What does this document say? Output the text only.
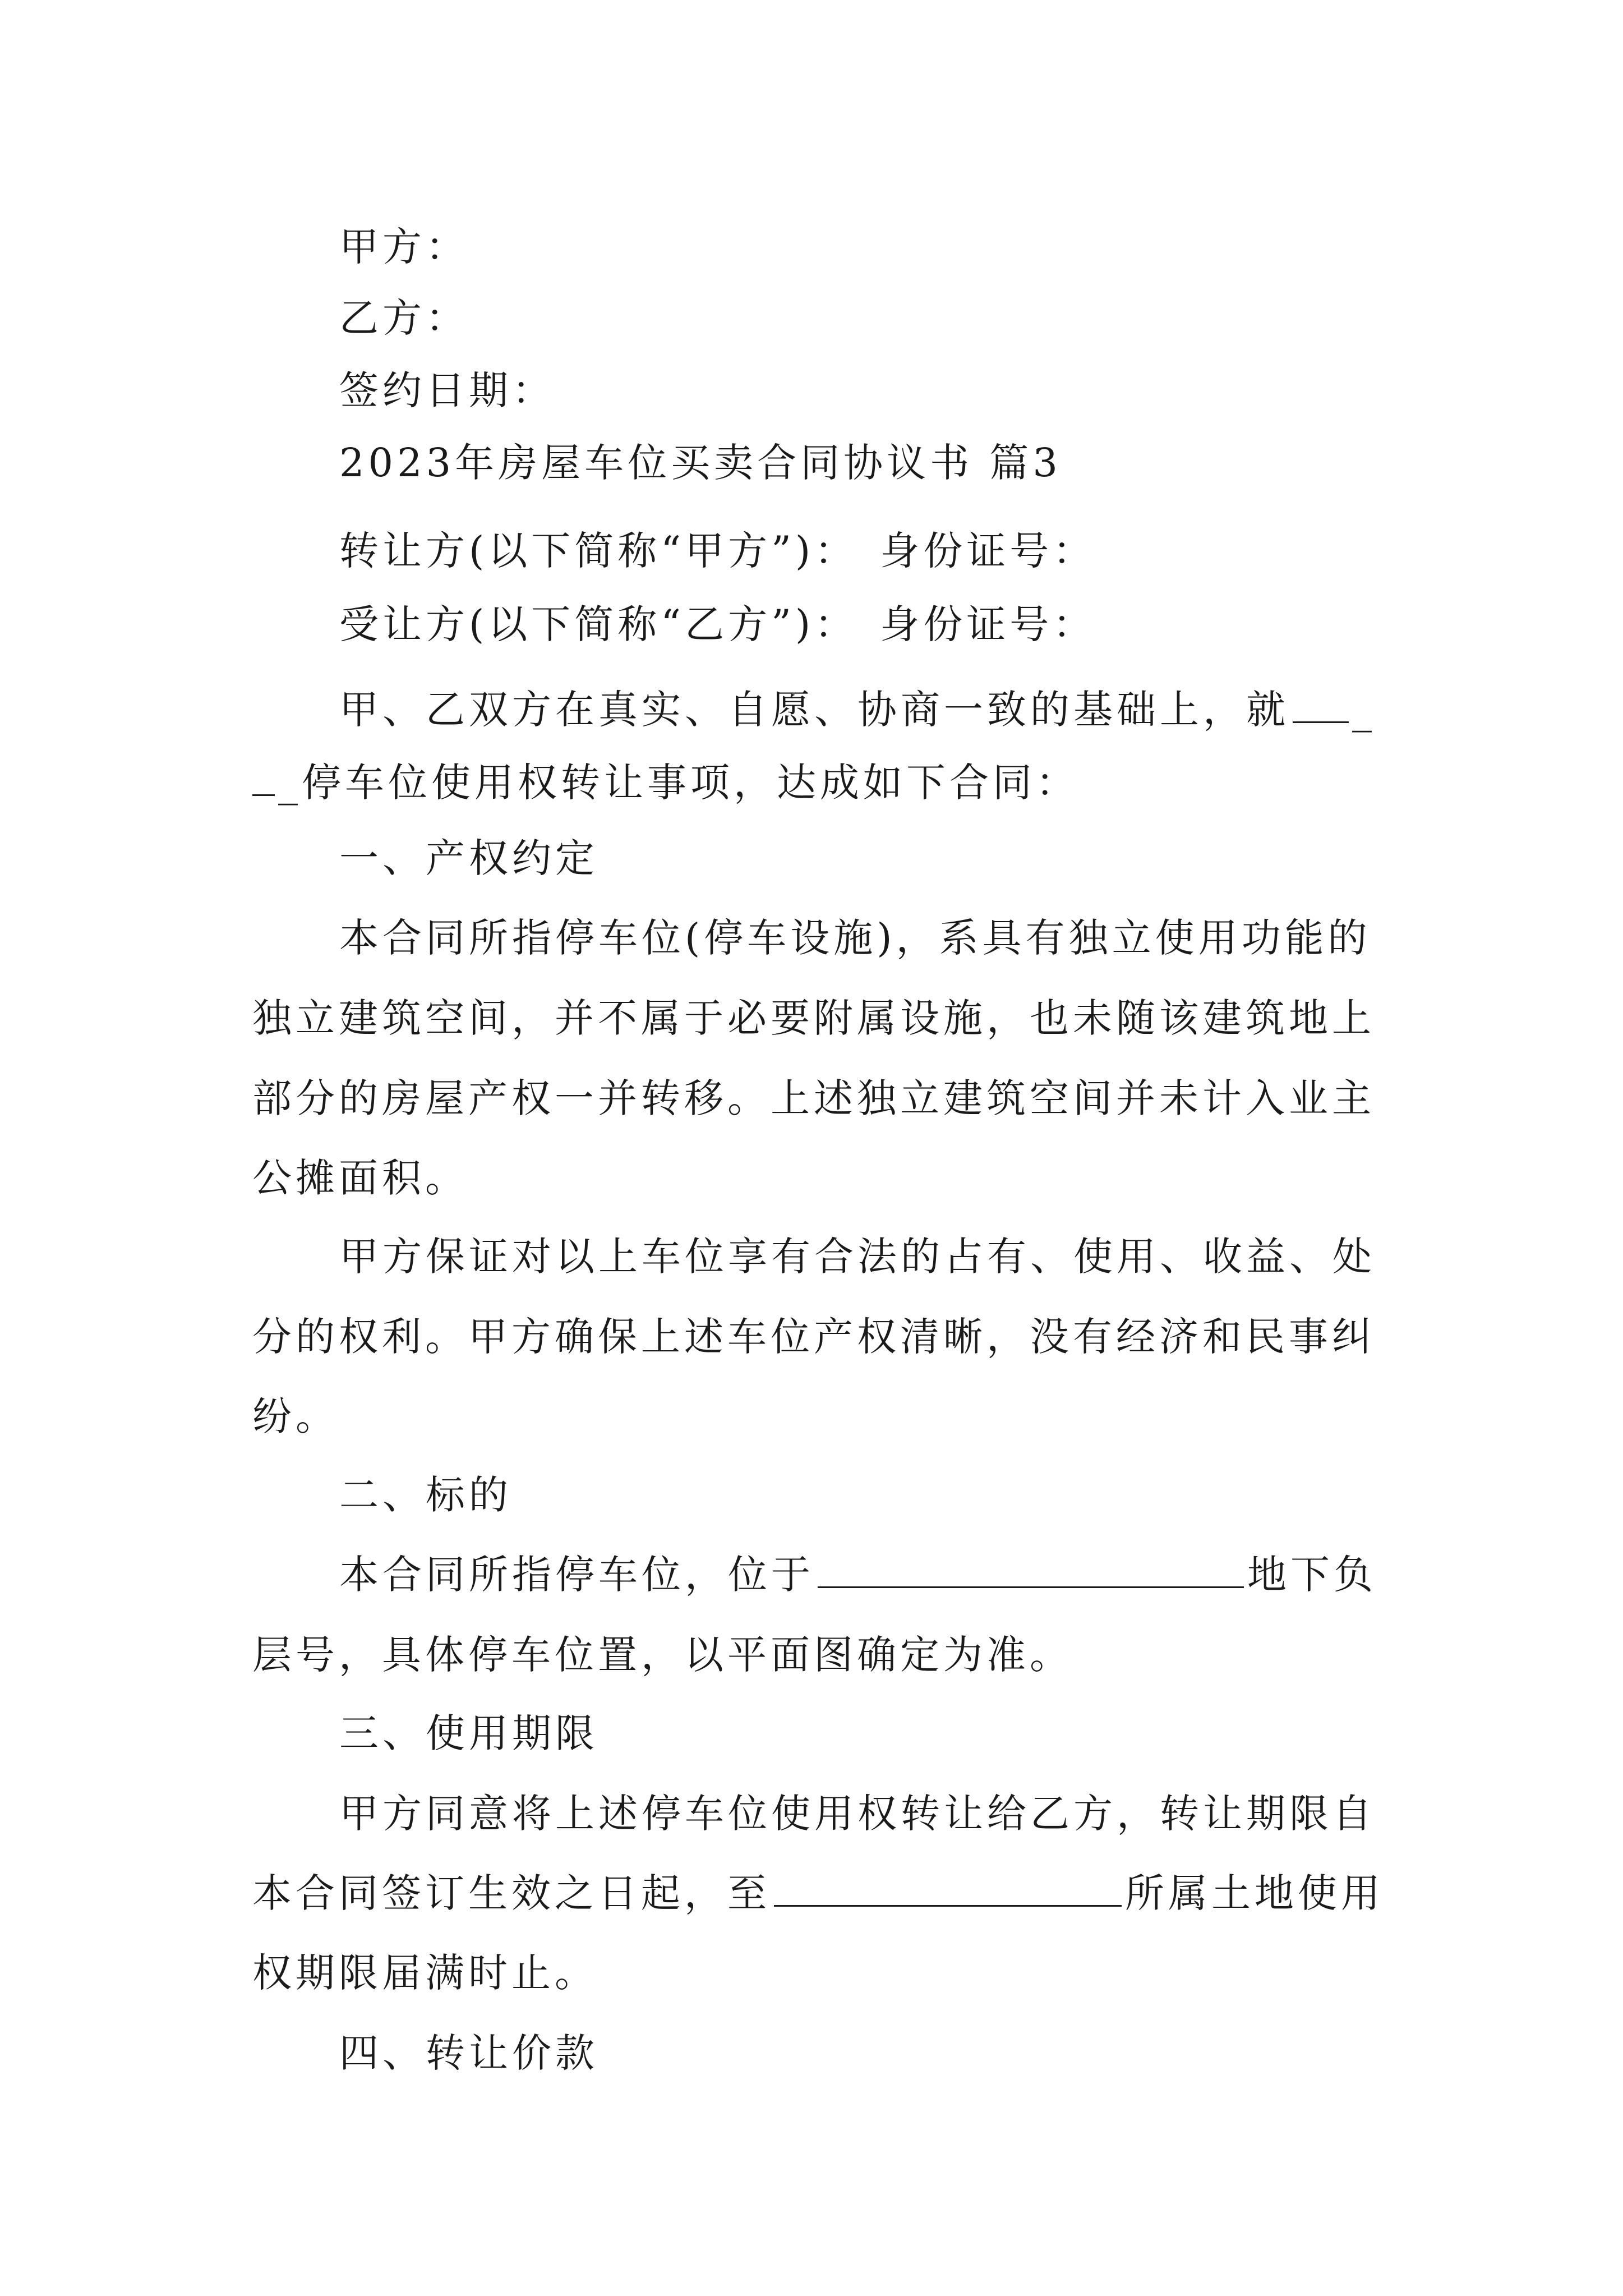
甲方：
乙方：
签约日期：
2023年房屋车位买卖合同协议书 篇3
转让方(以下简称“甲方”)： 身份证号：
受让方(以下简称“乙方”)： 身份证号：
甲、乙双方在真实、自愿、协商一致的基础上，就 _
_停车位使用权转让事项，达成如下合同：
一、产权约定
本合同所指停车位(停车设施)，系具有独立使用功能的
独立建筑空间，并不属于必要附属设施，也未随该建筑地上
部分的房屋产权一并转移。上述独立建筑空间并未计入业主
公摊面积。
甲方保证对以上车位享有合法的占有、使用、收益、处
分的权利。甲方确保上述车位产权清晰，没有经济和民事纠
纷。
二、标的
本合同所指停车位，位于	地下负
层号，具体停车位置，以平面图确定为准。
三、使用期限
甲方同意将上述停车位使用权转让给乙方，转让期限自
本合同签订生效之日起，至	所属土地使用
权期限届满时止。
四、转让价款
